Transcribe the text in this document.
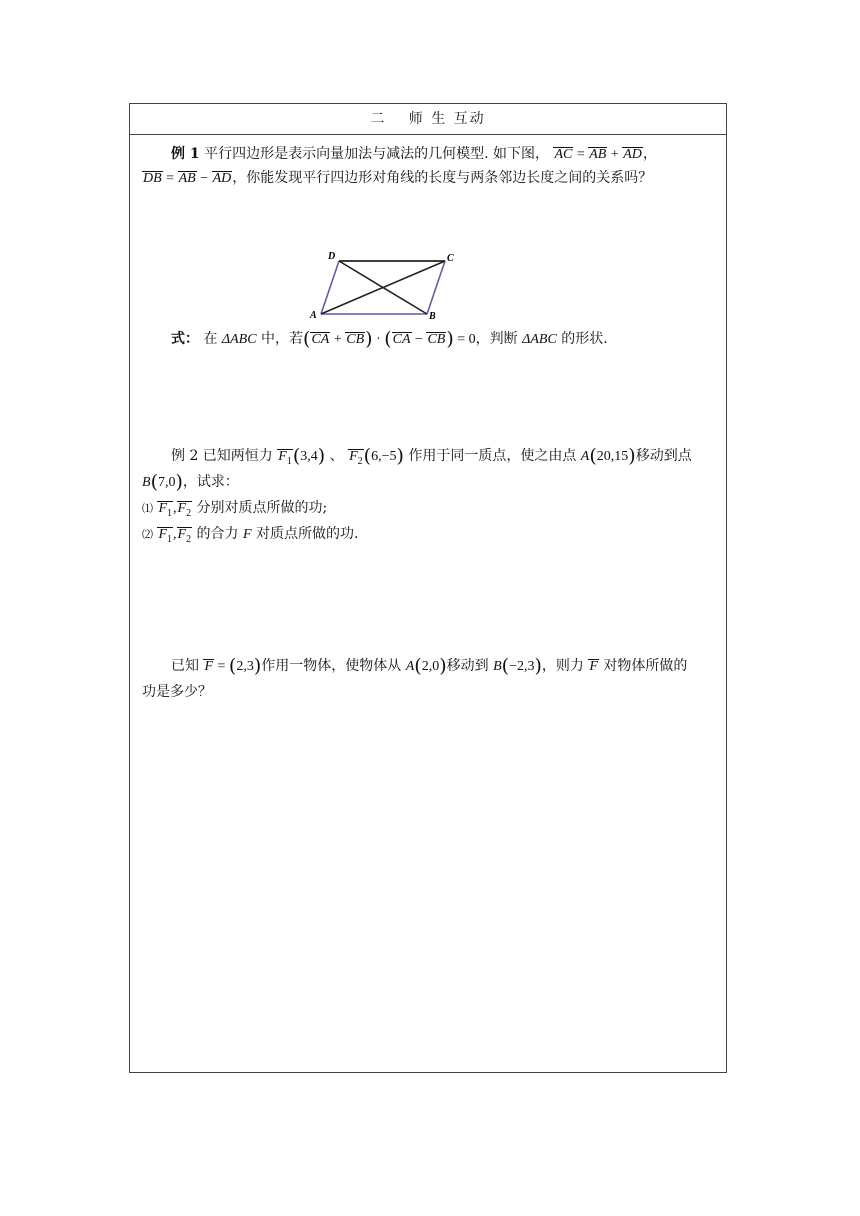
二　 师 生 互动
例 1 平行四边形是表示向量加法与减法的几何模型. 如下图， AC = AB + AD，
DB = AB − AD，你能发现平行四边形对角线的长度与两条邻边长度之间的关系吗？
A	B
C
D
式： 在 ΔABC 中，若(CA + CB) · (CA − CB) = 0，判断 ΔABC 的形状.
例 2 已知两恒力 $F_1(3,4)$ 、 $F_2(6,-5)$ 作用于同一质点，使之由点 A(20,15)移动到点
B(7,0)，试求：
⑴ $F_1,F_2$ 分别对质点所做的功;
⑵ $F_1,F_2$ 的合力 F 对质点所做的功.
已知 F = (2,3)作用一物体，使物体从 A(2,0)移动到 B(−2,3)，则力 F 对物体所做的
功是多少？
